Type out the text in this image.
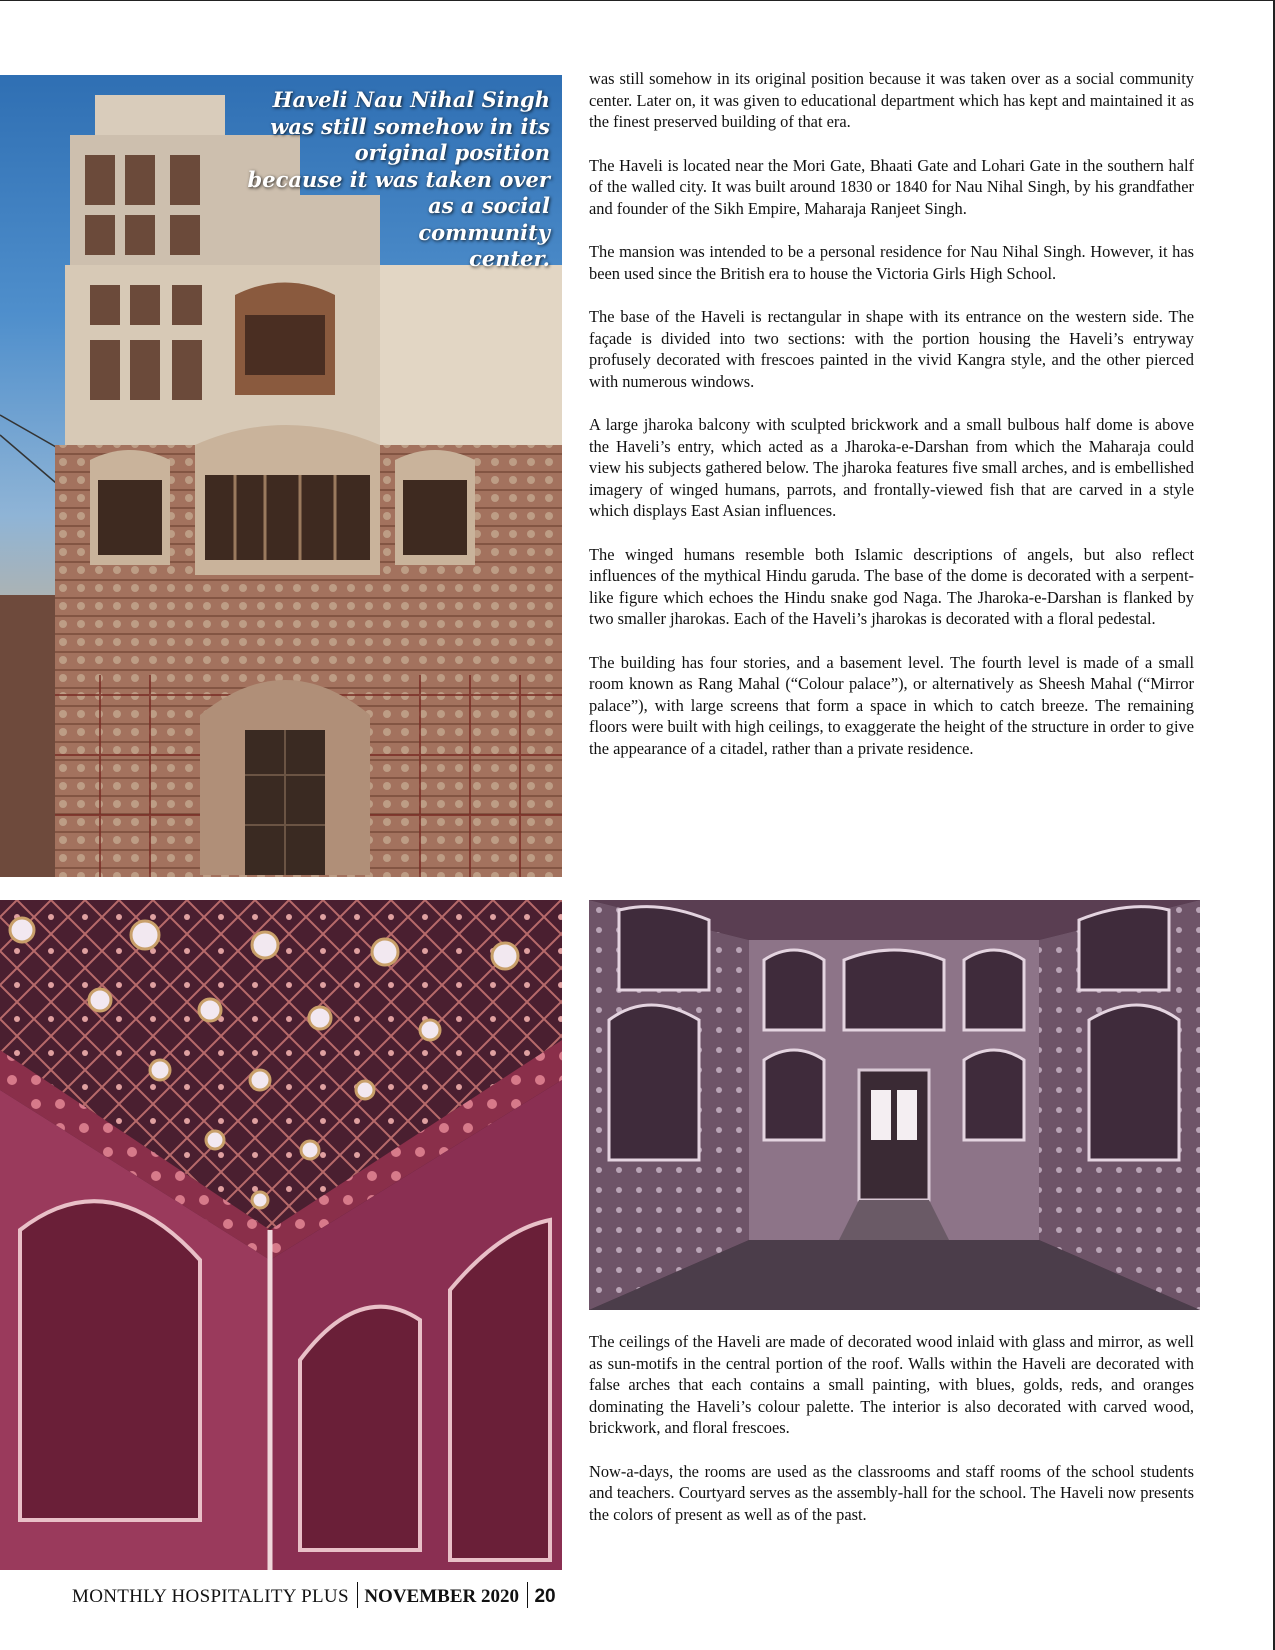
Haveli Nau Nihal Singh
was still somehow in its
original position
because it was taken over
as a social
community
center.

was still somehow in its original position because it was taken over as a social community center. Later on, it was given to educational department which has kept and maintained it as the finest preserved building of that era.

The Haveli is located near the Mori Gate, Bhaati Gate and Lohari Gate in the southern half of the walled city. It was built around 1830 or 1840 for Nau Nihal Singh, by his grandfather and founder of the Sikh Empire, Maharaja Ranjeet Singh.

The mansion was intended to be a personal residence for Nau Nihal Singh. However, it has been used since the British era to house the Victoria Girls High School.

The base of the Haveli is rectangular in shape with its entrance on the western side. The façade is divided into two sections: with the portion housing the Haveli’s entryway profusely decorated with frescoes painted in the vivid Kangra style, and the other pierced with numerous windows.

A large jharoka balcony with sculpted brickwork and a small bulbous half dome is above the Haveli’s entry, which acted as a Jharoka-e-Darshan from which the Maharaja could view his subjects gathered below. The jharoka features five small arches, and is embellished imagery of winged humans, parrots, and frontally-viewed fish that are carved in a style which displays East Asian influences.

The winged humans resemble both Islamic descriptions of angels, but also reflect influences of the mythical Hindu garuda. The base of the dome is decorated with a serpent-like figure which echoes the Hindu snake god Naga. The Jharoka-e-Darshan is flanked by two smaller jharokas. Each of the Haveli’s jharokas is decorated with a floral pedestal.

The building has four stories, and a basement level. The fourth level is made of a small room known as Rang Mahal (“Colour palace”), or alternatively as Sheesh Mahal (“Mirror palace”), with large screens that form a space in which to catch breeze. The remaining floors were built with high ceilings, to exaggerate the height of the structure in order to give the appearance of a citadel, rather than a private residence.

The ceilings of the Haveli are made of decorated wood inlaid with glass and mirror, as well as sun-motifs in the central portion of the roof. Walls within the Haveli are decorated with false arches that each contains a small painting, with blues, golds, reds, and oranges dominating the Haveli’s colour palette. The interior is also decorated with carved wood, brickwork, and floral frescoes.

Now-a-days, the rooms are used as the classrooms and staff rooms of the school students and teachers. Courtyard serves as the assembly-hall for the school. The Haveli now presents the colors of present as well as of the past.

MONTHLY HOSPITALITY PLUS NOVEMBER 2020 20
